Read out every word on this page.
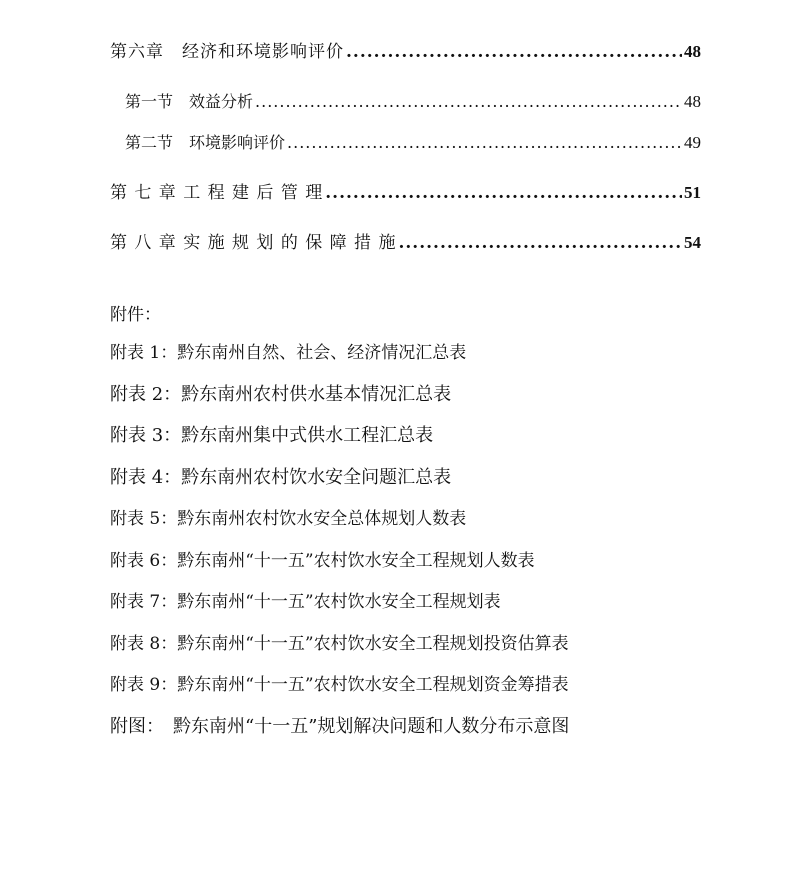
第六章　经济和环境影响评价 .....	48
第一节　效益分析 .....	48
第二节　环境影响评价 .....	49
第 七 章 工 程 建 后 管 理 .....	51
第 八 章 实 施 规 划 的 保 障 措 施 .....	54
附件：
附表 1：黔东南州自然、社会、经济情况汇总表
附表 2：黔东南州农村供水基本情况汇总表
附表 3：黔东南州集中式供水工程汇总表
附表 4：黔东南州农村饮水安全问题汇总表
附表 5：黔东南州农村饮水安全总体规划人数表
附表 6：黔东南州“十一五”农村饮水安全工程规划人数表
附表 7：黔东南州“十一五”农村饮水安全工程规划表
附表 8：黔东南州“十一五”农村饮水安全工程规划投资估算表
附表 9：黔东南州“十一五”农村饮水安全工程规划资金筹措表
附图：　黔东南州“十一五”规划解决问题和人数分布示意图
